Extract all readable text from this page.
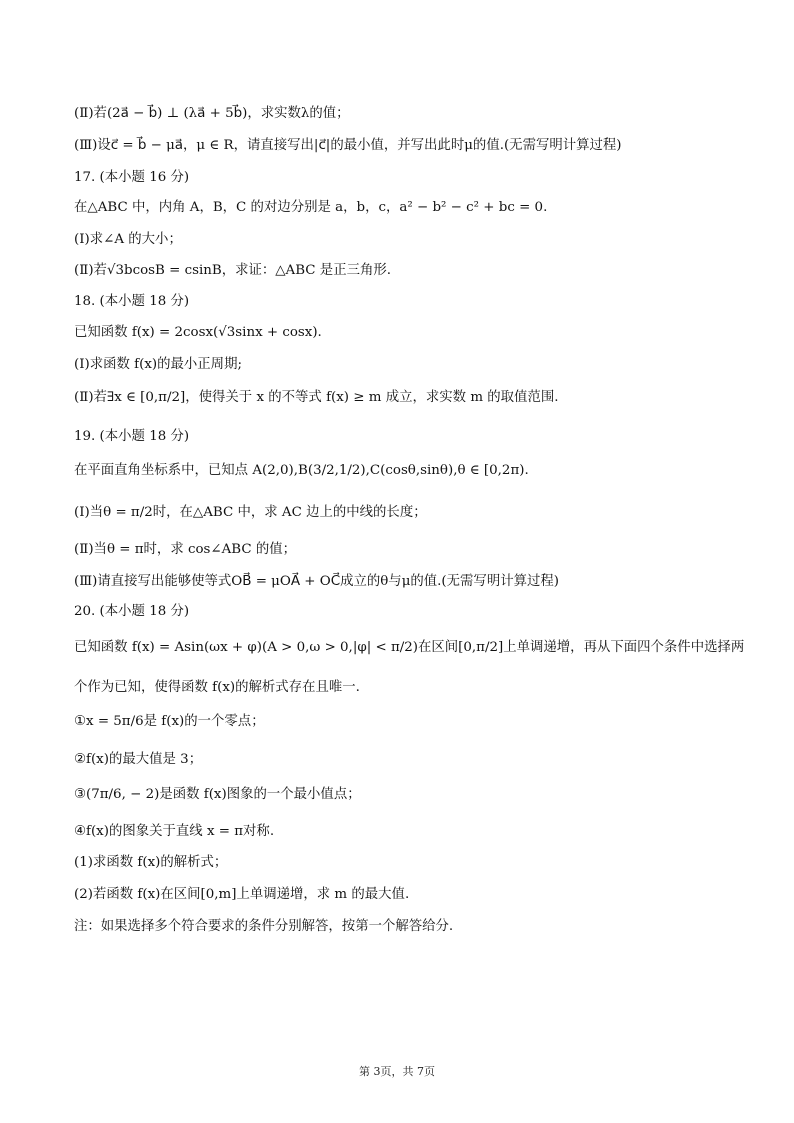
(Ⅱ)若(2a⃗ − b⃗) ⊥ (λa⃗ + 5b⃗)，求实数λ的值；
(Ⅲ)设c⃗ = b⃗ − μa⃗，μ ∈ R，请直接写出|c⃗|的最小值，并写出此时μ的值.(无需写明计算过程)
17. (本小题 16 分)
在△ABC 中，内角 A，B，C 的对边分别是 a，b，c，a² − b² − c² + bc = 0.
(Ⅰ)求∠A 的大小；
(Ⅱ)若√3bcosB = csinB，求证：△ABC 是正三角形.
18. (本小题 18 分)
已知函数 f(x) = 2cosx(√3sinx + cosx).
(Ⅰ)求函数 f(x)的最小正周期;
(Ⅱ)若∃x ∈ [0,π/2]，使得关于 x 的不等式 f(x) ≥ m 成立，求实数 m 的取值范围.
19. (本小题 18 分)
在平面直角坐标系中，已知点 A(2,0),B(3/2,1/2),C(cosθ,sinθ),θ ∈ [0,2π).
(Ⅰ)当θ = π/2时，在△ABC 中，求 AC 边上的中线的长度；
(Ⅱ)当θ = π时，求 cos∠ABC 的值；
(Ⅲ)请直接写出能够使等式OB⃗ = μOA⃗ + OC⃗成立的θ与μ的值.(无需写明计算过程)
20. (本小题 18 分)
已知函数 f(x) = Asin(ωx + φ)(A > 0,ω > 0,|φ| < π/2)在区间[0,π/2]上单调递增，再从下面四个条件中选择两
个作为已知，使得函数 f(x)的解析式存在且唯一.
①x = 5π/6是 f(x)的一个零点；
②f(x)的最大值是 3；
③(7π/6, − 2)是函数 f(x)图象的一个最小值点；
④f(x)的图象关于直线 x = π对称.
(1)求函数 f(x)的解析式；
(2)若函数 f(x)在区间[0,m]上单调递增，求 m 的最大值.
注：如果选择多个符合要求的条件分别解答，按第一个解答给分.
第 3页，共 7页
